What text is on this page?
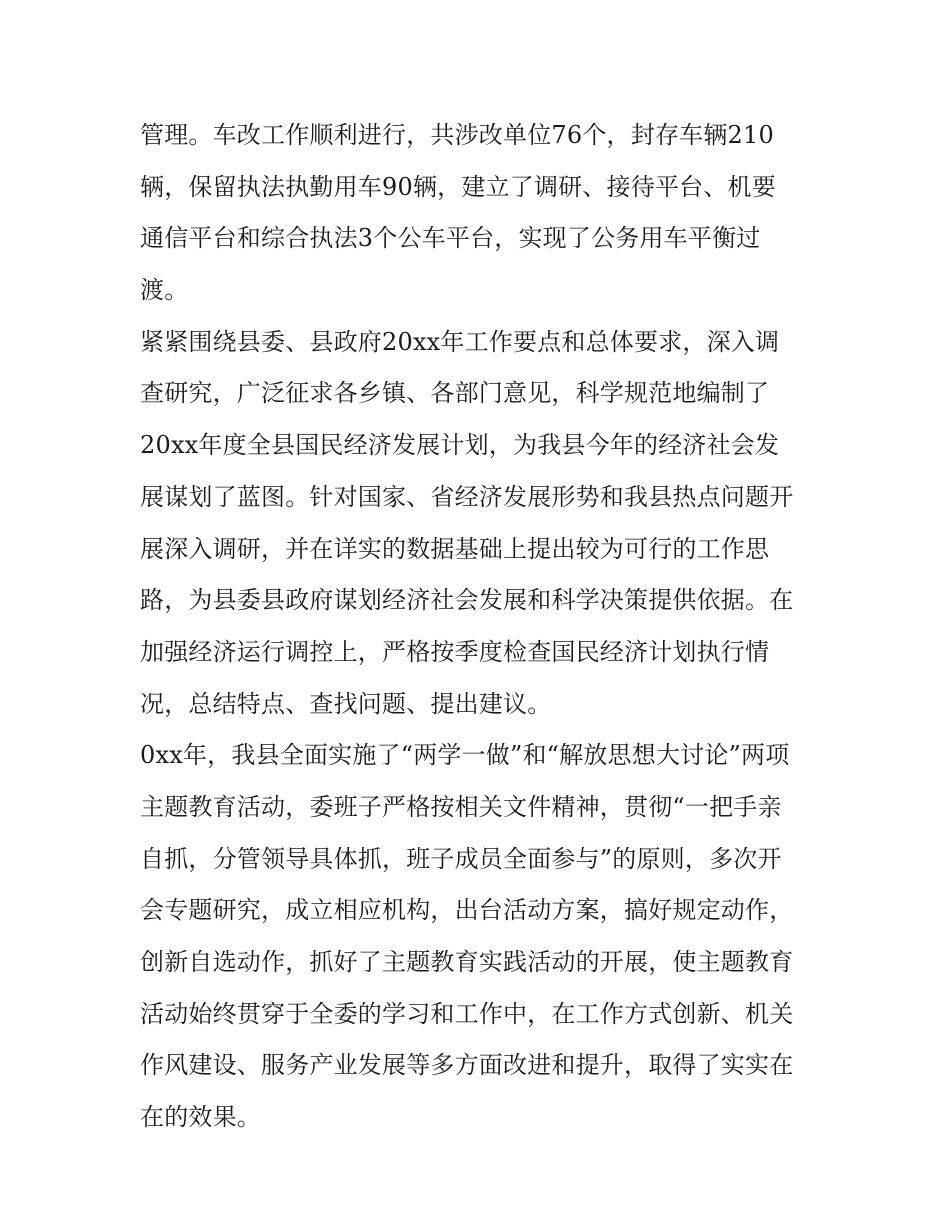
管理。车改工作顺利进行，共涉改单位76个，封存车辆210
辆，保留执法执勤用车90辆，建立了调研、接待平台、机要
通信平台和综合执法3个公车平台，实现了公务用车平衡过
渡。
紧紧围绕县委、县政府20xx年工作要点和总体要求，深入调
查研究，广泛征求各乡镇、各部门意见，科学规范地编制了
20xx年度全县国民经济发展计划，为我县今年的经济社会发
展谋划了蓝图。针对国家、省经济发展形势和我县热点问题开
展深入调研，并在详实的数据基础上提出较为可行的工作思
路，为县委县政府谋划经济社会发展和科学决策提供依据。在
加强经济运行调控上，严格按季度检查国民经济计划执行情
况，总结特点、查找问题、提出建议。
0xx年，我县全面实施了“两学一做”和“解放思想大讨论”两项
主题教育活动，委班子严格按相关文件精神，贯彻“一把手亲
自抓，分管领导具体抓，班子成员全面参与”的原则，多次开
会专题研究，成立相应机构，出台活动方案，搞好规定动作，
创新自选动作，抓好了主题教育实践活动的开展，使主题教育
活动始终贯穿于全委的学习和工作中，在工作方式创新、机关
作风建设、服务产业发展等多方面改进和提升，取得了实实在
在的效果。
